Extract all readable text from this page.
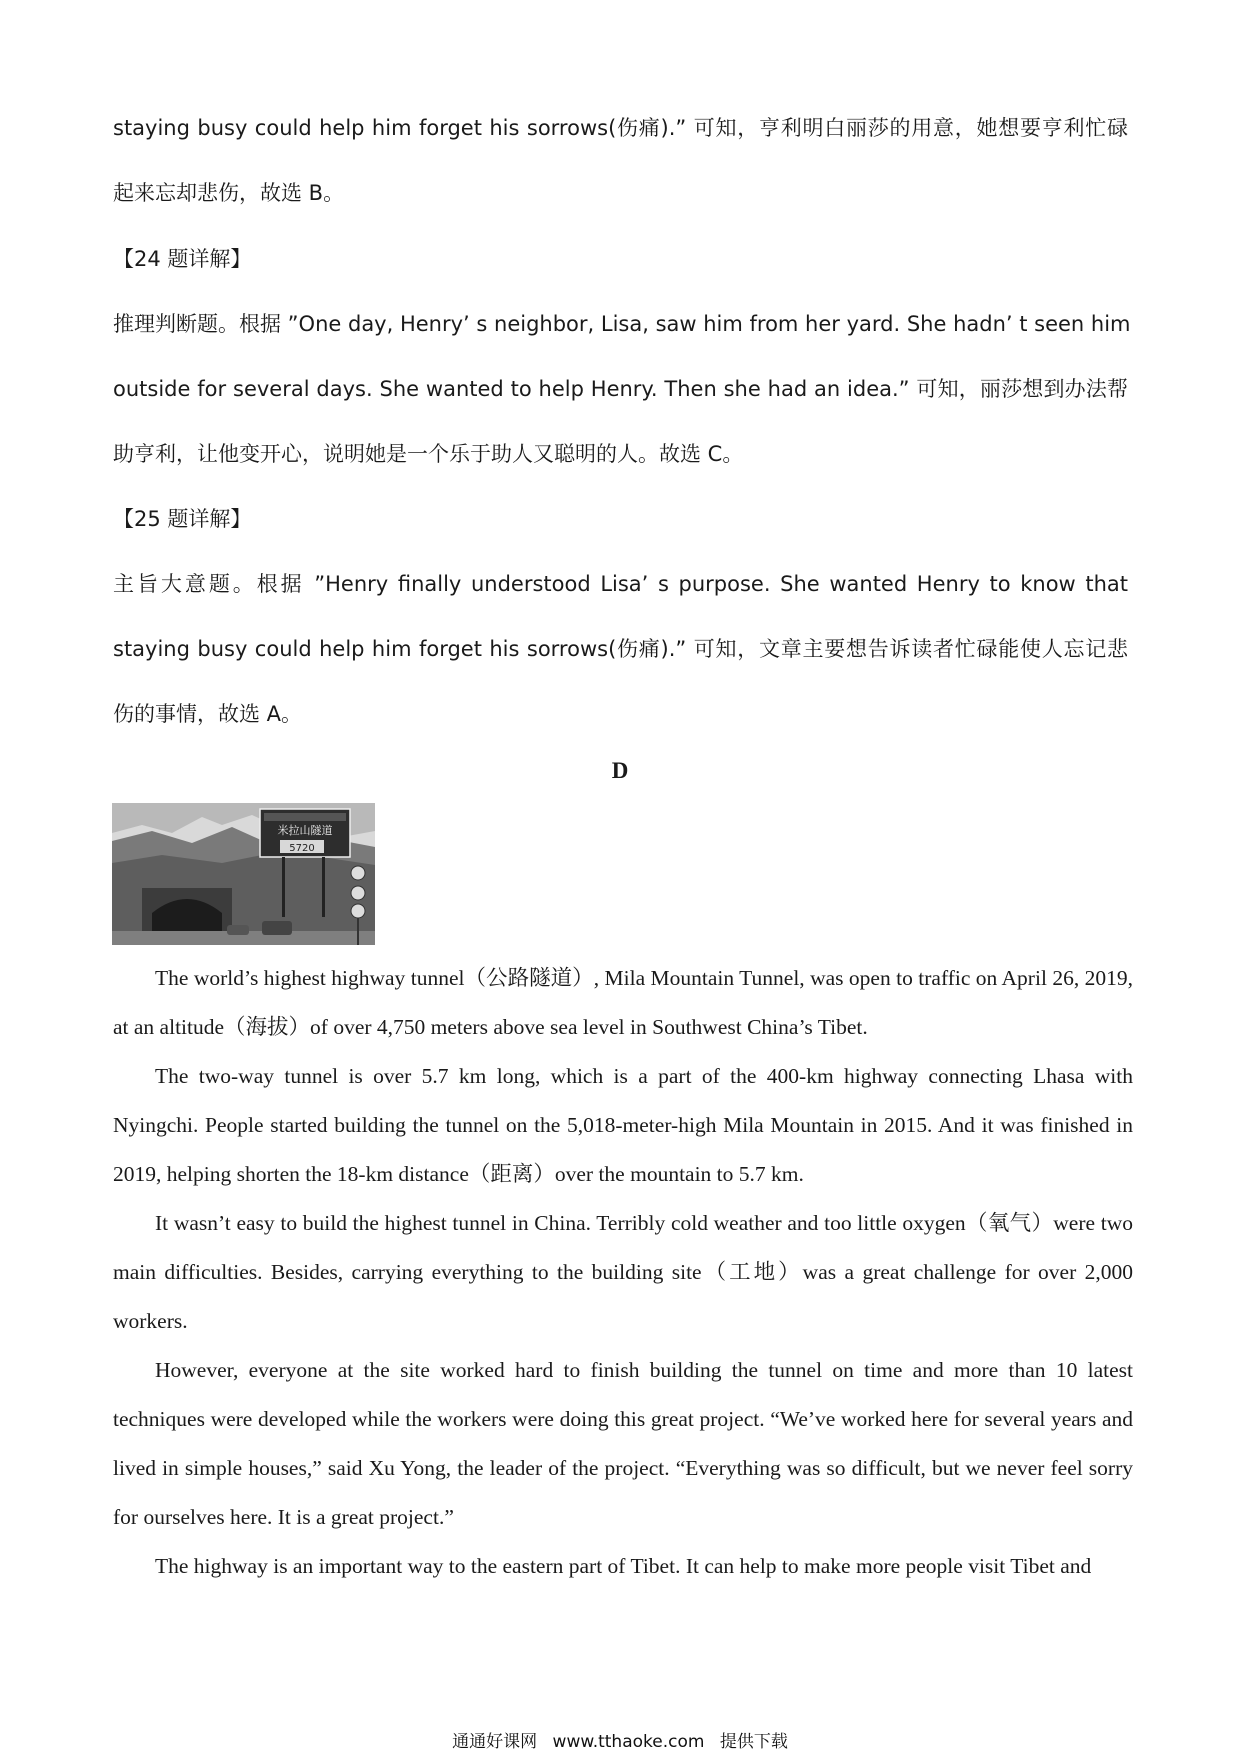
staying busy could help him forget his sorrows(伤痛).” 可知，亨利明白丽莎的用意，她想要亨利忙碌
起来忘却悲伤，故选 B。
【24 题详解】
推理判断题。根据 ”One day, Henry’ s neighbor, Lisa, saw him from her yard. She hadn’ t seen him
outside for several days. She wanted to help Henry. Then she had an idea.” 可知，丽莎想到办法帮
助亨利，让他变开心，说明她是一个乐于助人又聪明的人。故选 C。
【25 题详解】
主旨大意题。根据 ”Henry finally understood Lisa’ s purpose. She wanted Henry to know that
staying busy could help him forget his sorrows(伤痛).” 可知，文章主要想告诉读者忙碌能使人忘记悲
伤的事情，故选 A。
D
米拉山隧道
5720

The world’s highest highway tunnel（公路隧道）, Mila Mountain Tunnel, was open to traffic on April 26, 2019, at an altitude（海拔）of over 4,750 meters above sea level in Southwest China’s Tibet.

The two-way tunnel is over 5.7 km long, which is a part of the 400-km highway connecting Lhasa with Nyingchi. People started building the tunnel on the 5,018-meter-high Mila Mountain in 2015. And it was finished in 2019, helping shorten the 18-km distance（距离）over the mountain to 5.7 km.

It wasn’t easy to build the highest tunnel in China. Terribly cold weather and too little oxygen（氧气）were two main difficulties. Besides, carrying everything to the building site（工地）was a great challenge for over 2,000 workers.

However, everyone at the site worked hard to finish building the tunnel on time and more than 10 latest techniques were developed while the workers were doing this great project. “We’ve worked here for several years and lived in simple houses,” said Xu Yong, the leader of the project. “Everything was so difficult, but we never feel sorry for ourselves here. It is a great project.”

The highway is an important way to the eastern part of Tibet. It can help to make more people visit Tibet and

通通好课网 www.tthaoke.com 提供下载
